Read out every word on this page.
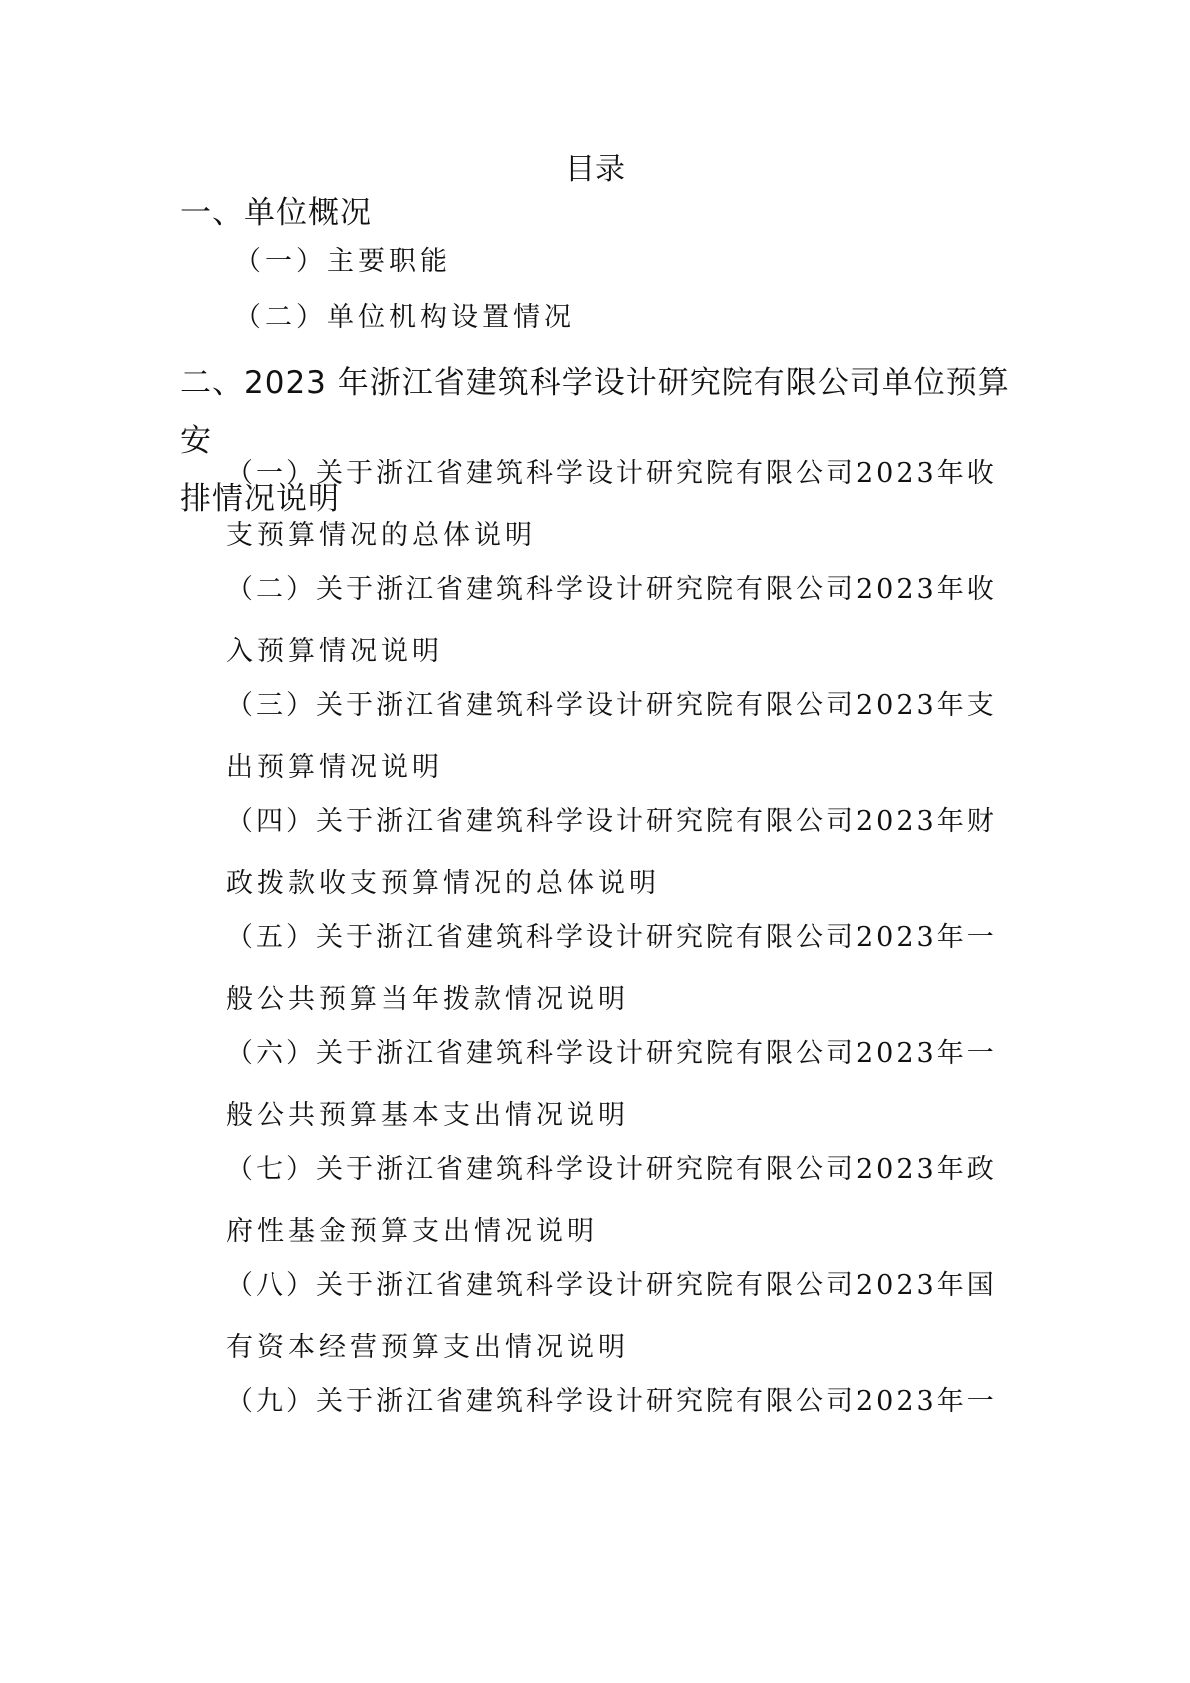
目录
一、单位概况
（一）主要职能
（二）单位机构设置情况
二、2023 年浙江省建筑科学设计研究院有限公司单位预算安
排情况说明
（一）关于浙江省建筑科学设计研究院有限公司2023年收
支预算情况的总体说明
（二）关于浙江省建筑科学设计研究院有限公司2023年收
入预算情况说明
（三）关于浙江省建筑科学设计研究院有限公司2023年支
出预算情况说明
（四）关于浙江省建筑科学设计研究院有限公司2023年财
政拨款收支预算情况的总体说明
（五）关于浙江省建筑科学设计研究院有限公司2023年一
般公共预算当年拨款情况说明
（六）关于浙江省建筑科学设计研究院有限公司2023年一
般公共预算基本支出情况说明
（七）关于浙江省建筑科学设计研究院有限公司2023年政
府性基金预算支出情况说明
（八）关于浙江省建筑科学设计研究院有限公司2023年国
有资本经营预算支出情况说明
（九）关于浙江省建筑科学设计研究院有限公司2023年一
